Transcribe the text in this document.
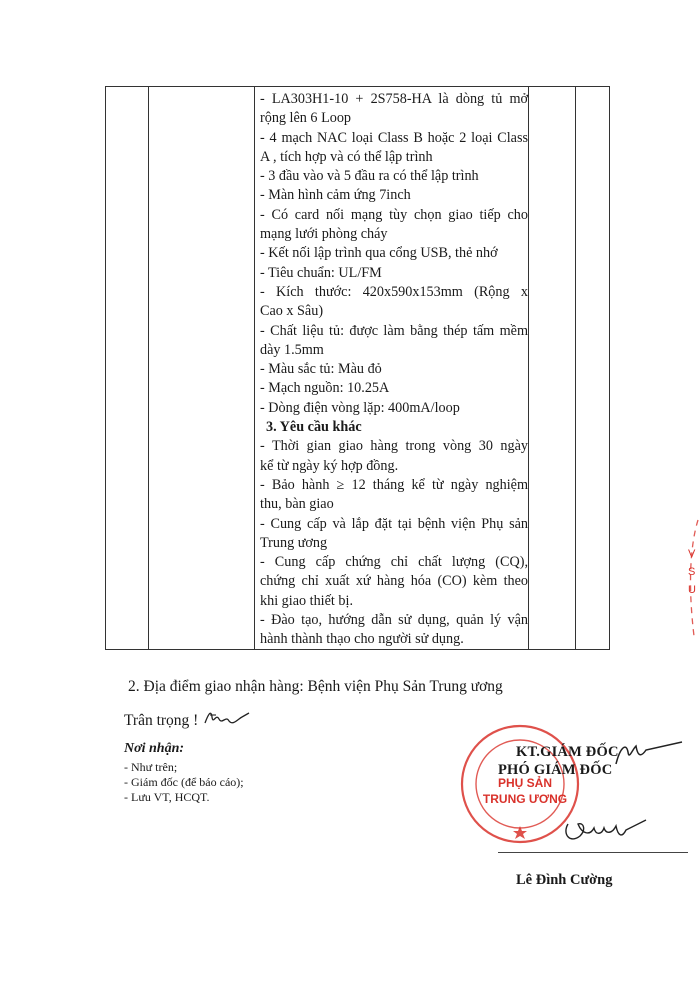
- LA303H1-10 + 2S758-HA là dòng tủ mở
rộng lên 6 Loop
- 4 mạch NAC loại Class B hoặc 2 loại Class
A , tích hợp và có thể lập trình
- 3 đầu vào và 5 đầu ra có thể lập trình
- Màn hình cảm ứng 7inch
- Có card nối mạng tùy chọn giao tiếp cho
mạng lưới phòng cháy
- Kết nối lập trình qua cổng USB, thẻ nhớ
- Tiêu chuẩn: UL/FM
- Kích thước: 420x590x153mm (Rộng x
Cao x Sâu)
- Chất liệu tủ: được làm bằng thép tấm mềm
dày 1.5mm
- Màu sắc tủ: Màu đỏ
- Mạch nguồn: 10.25A
- Dòng điện vòng lặp: 400mA/loop
3. Yêu cầu khác
- Thời gian giao hàng trong vòng 30 ngày
kể từ ngày ký hợp đồng.
- Bảo hành ≥ 12 tháng kể từ ngày nghiệm
thu, bàn giao
- Cung cấp và lắp đặt tại bệnh viện Phụ sản
Trung ương
- Cung cấp chứng chỉ chất lượng (CQ),
chứng chỉ xuất xứ hàng hóa (CO) kèm theo
khi giao thiết bị.
- Đào tạo, hướng dẫn sử dụng, quản lý vận
hành thành thạo cho người sử dụng.
2. Địa điểm giao nhận hàng: Bệnh viện Phụ Sản Trung ương
Trân trọng !
Nơi nhận:
- Như trên;
- Giám đốc (để báo cáo);
- Lưu VT, HCQT.
PHỤ SẢN
TRUNG ƯƠNG
KT.GIÁM ĐỐC
PHÓ GIÁM ĐỐC
Lê Đình Cường
V
S
U
